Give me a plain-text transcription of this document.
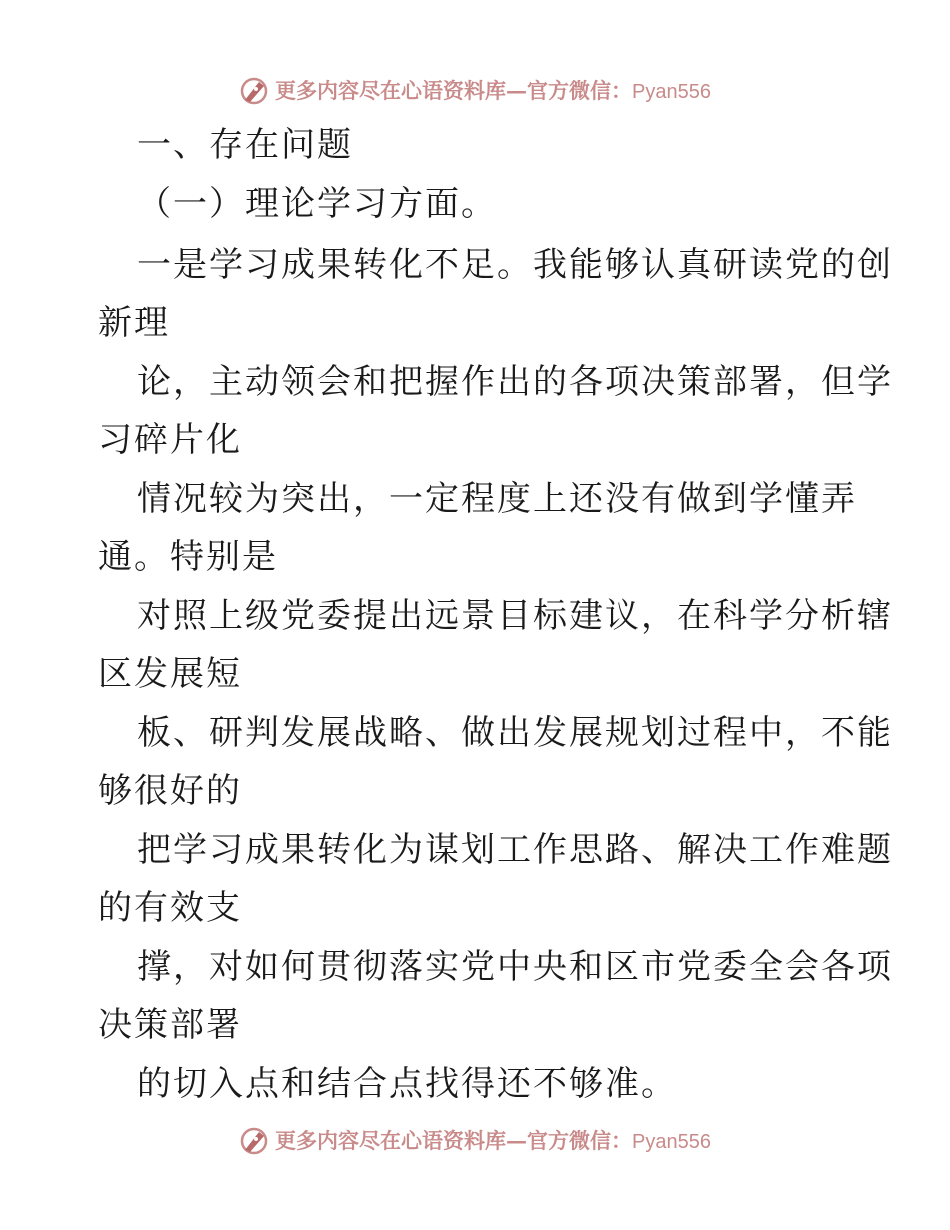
更多内容尽在心语资料库—官方微信：Pyan556
一、存在问题
（一）理论学习方面。
一是学习成果转化不足。我能够认真研读党的创
新理
论，主动领会和把握作出的各项决策部署，但学
习碎片化
情况较为突出，一定程度上还没有做到学懂弄
通。特别是
对照上级党委提出远景目标建议，在科学分析辖
区发展短
板、研判发展战略、做出发展规划过程中，不能
够很好的
把学习成果转化为谋划工作思路、解决工作难题
的有效支
撑，对如何贯彻落实党中央和区市党委全会各项
决策部署
的切入点和结合点找得还不够准。
更多内容尽在心语资料库—官方微信：Pyan556
